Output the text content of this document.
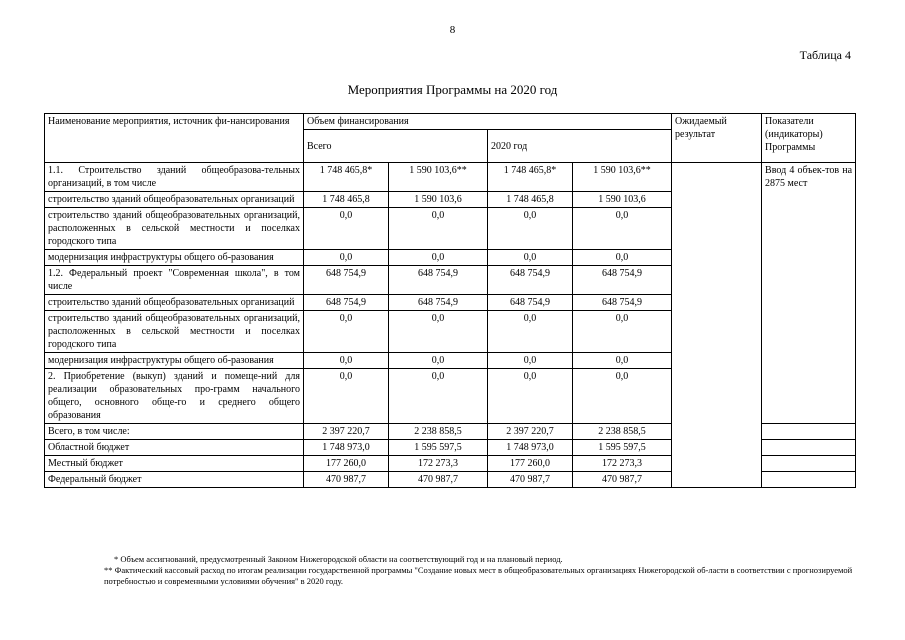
8
Таблица 4
Мероприятия Программы на 2020 год
Наименование мероприятия, источник фи-нансирования	Объем финансирования				Ожидаемый результат	Показатели (индикаторы) Программы
	Всего		2020 год			
1.1. Строительство зданий общеобразова-тельных организаций, в том числе	1 748 465,8*	1 590 103,6**	1 748 465,8*	1 590 103,6**		Ввод 4 объек-тов на 2875 мест
строительство зданий общеобразовательных организаций	1 748 465,8	1 590 103,6	1 748 465,8	1 590 103,6		
строительство зданий общеобразовательных организаций, расположенных в сельской местности и поселках городского типа	0,0	0,0	0,0	0,0		
модернизация инфраструктуры общего об-разования	0,0	0,0	0,0	0,0		
1.2. Федеральный проект "Современная школа", в том числе	648 754,9	648 754,9	648 754,9	648 754,9		
строительство зданий общеобразовательных организаций	648 754,9	648 754,9	648 754,9	648 754,9		
строительство зданий общеобразовательных организаций, расположенных в сельской местности и поселках городского типа	0,0	0,0	0,0	0,0		
модернизация инфраструктуры общего об-разования	0,0	0,0	0,0	0,0		
2. Приобретение (выкуп) зданий и помеще-ний для реализации образовательных про-грамм начального общего, основного обще-го и среднего общего образования	0,0	0,0	0,0	0,0		
Всего, в том числе:	2 397 220,7	2 238 858,5	2 397 220,7	2 238 858,5		
Областной бюджет	1 748 973,0	1 595 597,5	1 748 973,0	1 595 597,5		
Местный бюджет	177 260,0	172 273,3	177 260,0	172 273,3		
Федеральный бюджет	470 987,7	470 987,7	470 987,7	470 987,7		

* Объем ассигнований, предусмотренный Законом Нижегородской области на соответствующий год и на плановый период.

** Фактический кассовый расход по итогам реализации государственной программы "Создание новых мест в общеобразовательных организациях Нижегородской об-ласти в соответствии с прогнозируемой потребностью и современными условиями обучения" в 2020 году.
